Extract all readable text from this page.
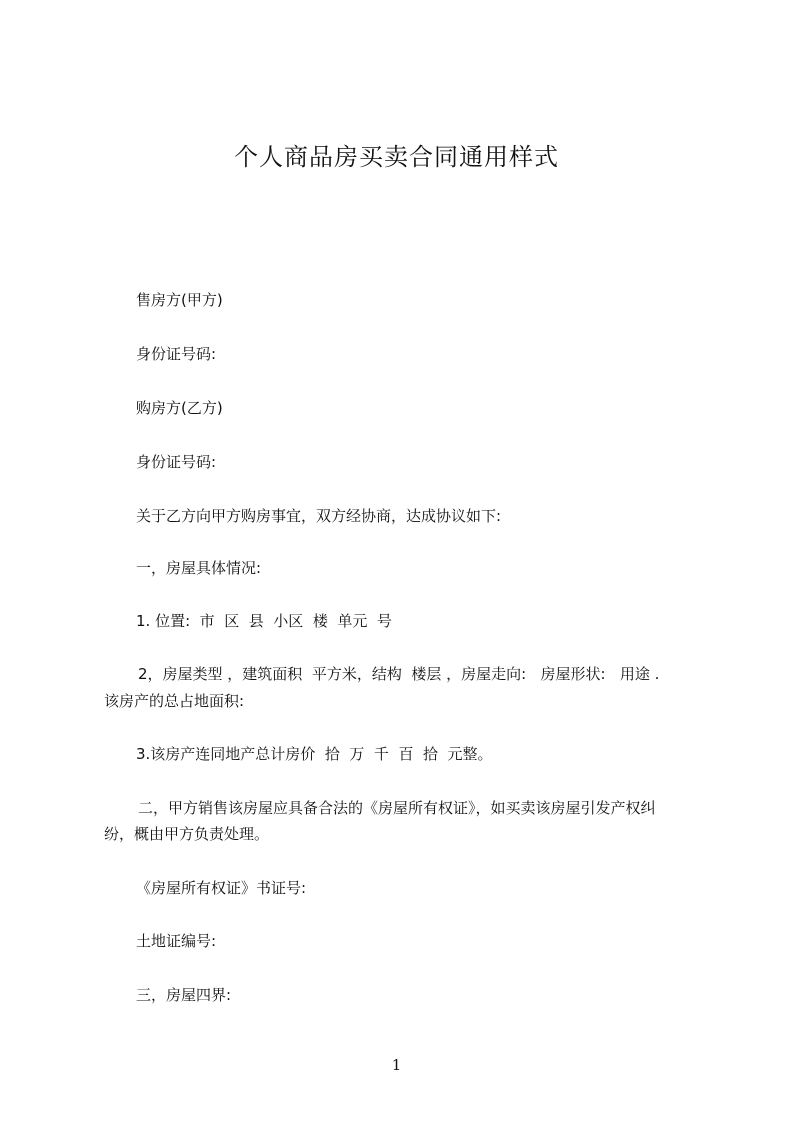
个人商品房买卖合同通用样式

售房方(甲方)

身份证号码:

购房方(乙方)

身份证号码:

关于乙方向甲方购房事宜，双方经协商，达成协议如下:

一，房屋具体情况:

1. 位置:  市  区  县  小区  楼  单元  号

2，房屋类型 ，建筑面积  平方米，结构  楼层 ，房屋走向:   房屋形状:   用途 .

该房产的总占地面积:

3.该房产连同地产总计房价  拾  万  千  百  拾  元整。

二，甲方销售该房屋应具备合法的《房屋所有权证》，如买卖该房屋引发产权纠

纷，概由甲方负责处理。

《房屋所有权证》书证号:

土地证编号:

三，房屋四界:

1
